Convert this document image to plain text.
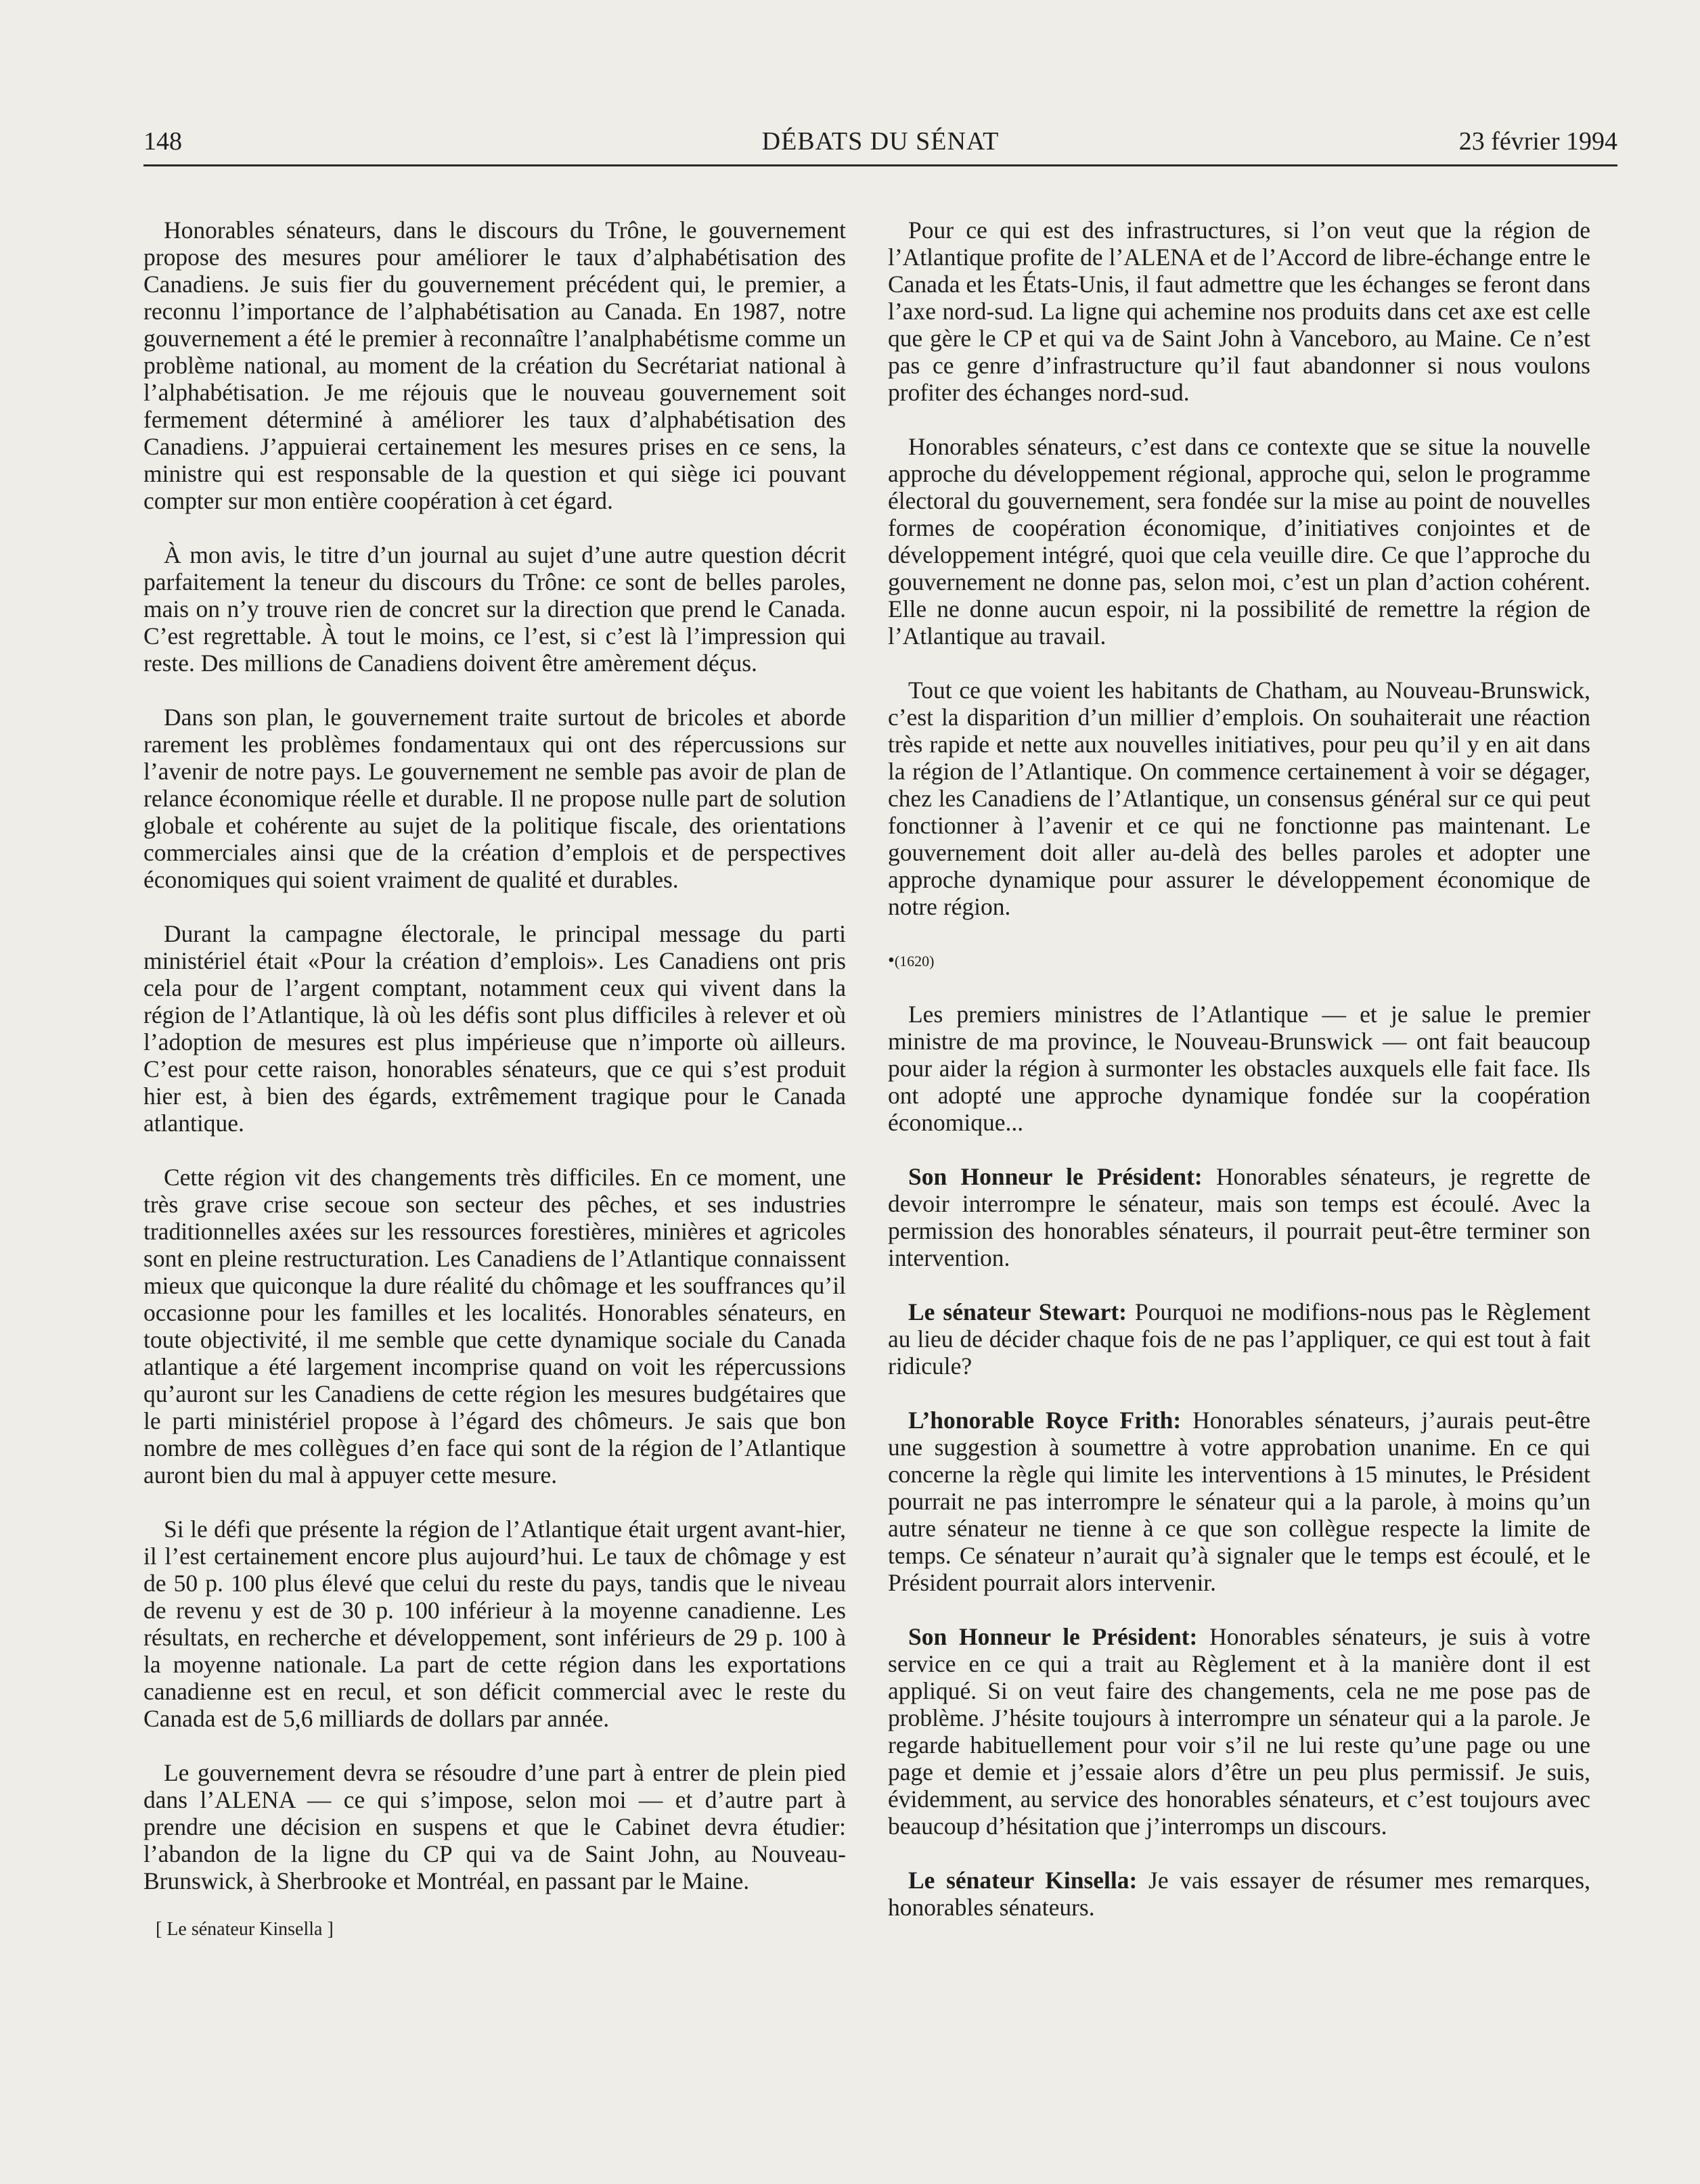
148	DÉBATS DU SÉNAT	23 février 1994

Honorables sénateurs, dans le discours du Trône, le gouvernement propose des mesures pour améliorer le taux d’alphabétisation des Canadiens. Je suis fier du gouvernement précédent qui, le premier, a reconnu l’importance de l’alphabétisation au Canada. En 1987, notre gouvernement a été le premier à reconnaître l’analphabétisme comme un problème national, au moment de la création du Secrétariat national à l’alphabétisation. Je me réjouis que le nouveau gouvernement soit fermement déterminé à améliorer les taux d’alphabétisation des Canadiens. J’appuierai certainement les mesures prises en ce sens, la ministre qui est responsable de la question et qui siège ici pouvant compter sur mon entière coopération à cet égard.

À mon avis, le titre d’un journal au sujet d’une autre question décrit parfaitement la teneur du discours du Trône: ce sont de belles paroles, mais on n’y trouve rien de concret sur la direction que prend le Canada. C’est regrettable. À tout le moins, ce l’est, si c’est là l’impression qui reste. Des millions de Canadiens doivent être amèrement déçus.

Dans son plan, le gouvernement traite surtout de bricoles et aborde rarement les problèmes fondamentaux qui ont des répercussions sur l’avenir de notre pays. Le gouvernement ne semble pas avoir de plan de relance économique réelle et durable. Il ne propose nulle part de solution globale et cohérente au sujet de la politique fiscale, des orientations commerciales ainsi que de la création d’emplois et de perspectives économiques qui soient vraiment de qualité et durables.

Durant la campagne électorale, le principal message du parti ministériel était «Pour la création d’emplois». Les Canadiens ont pris cela pour de l’argent comptant, notamment ceux qui vivent dans la région de l’Atlantique, là où les défis sont plus difficiles à relever et où l’adoption de mesures est plus impérieuse que n’importe où ailleurs. C’est pour cette raison, honorables sénateurs, que ce qui s’est produit hier est, à bien des égards, extrêmement tragique pour le Canada atlantique.

Cette région vit des changements très difficiles. En ce moment, une très grave crise secoue son secteur des pêches, et ses industries traditionnelles axées sur les ressources forestières, minières et agricoles sont en pleine restructuration. Les Canadiens de l’Atlantique connaissent mieux que quiconque la dure réalité du chômage et les souffrances qu’il occasionne pour les familles et les localités. Honorables sénateurs, en toute objectivité, il me semble que cette dynamique sociale du Canada atlantique a été largement incomprise quand on voit les répercussions qu’auront sur les Canadiens de cette région les mesures budgétaires que le parti ministériel propose à l’égard des chômeurs. Je sais que bon nombre de mes collègues d’en face qui sont de la région de l’Atlantique auront bien du mal à appuyer cette mesure.

Si le défi que présente la région de l’Atlantique était urgent avant-hier, il l’est certainement encore plus aujourd’hui. Le taux de chômage y est de 50 p. 100 plus élevé que celui du reste du pays, tandis que le niveau de revenu y est de 30 p. 100 inférieur à la moyenne canadienne. Les résultats, en recherche et développement, sont inférieurs de 29 p. 100 à la moyenne nationale. La part de cette région dans les exportations canadienne est en recul, et son déficit commercial avec le reste du Canada est de 5,6 milliards de dollars par année.

Le gouvernement devra se résoudre d’une part à entrer de plein pied dans l’ALENA — ce qui s’impose, selon moi — et d’autre part à prendre une décision en suspens et que le Cabinet devra étudier: l’abandon de la ligne du CP qui va de Saint John, au Nouveau-Brunswick, à Sherbrooke et Montréal, en passant par le Maine.

[ Le sénateur Kinsella ]

Pour ce qui est des infrastructures, si l’on veut que la région de l’Atlantique profite de l’ALENA et de l’Accord de libre-échange entre le Canada et les États-Unis, il faut admettre que les échanges se feront dans l’axe nord-sud. La ligne qui achemine nos produits dans cet axe est celle que gère le CP et qui va de Saint John à Vanceboro, au Maine. Ce n’est pas ce genre d’infrastructure qu’il faut abandonner si nous voulons profiter des échanges nord-sud.

Honorables sénateurs, c’est dans ce contexte que se situe la nouvelle approche du développement régional, approche qui, selon le programme électoral du gouvernement, sera fondée sur la mise au point de nouvelles formes de coopération économique, d’initiatives conjointes et de développement intégré, quoi que cela veuille dire. Ce que l’approche du gouvernement ne donne pas, selon moi, c’est un plan d’action cohérent. Elle ne donne aucun espoir, ni la possibilité de remettre la région de l’Atlantique au travail.

Tout ce que voient les habitants de Chatham, au Nouveau-Brunswick, c’est la disparition d’un millier d’emplois. On souhaiterait une réaction très rapide et nette aux nouvelles initiatives, pour peu qu’il y en ait dans la région de l’Atlantique. On commence certainement à voir se dégager, chez les Canadiens de l’Atlantique, un consensus général sur ce qui peut fonctionner à l’avenir et ce qui ne fonctionne pas maintenant. Le gouvernement doit aller au-delà des belles paroles et adopter une approche dynamique pour assurer le développement économique de notre région.

•(1620)

Les premiers ministres de l’Atlantique — et je salue le premier ministre de ma province, le Nouveau-Brunswick — ont fait beaucoup pour aider la région à surmonter les obstacles auxquels elle fait face. Ils ont adopté une approche dynamique fondée sur la coopération économique...

Son Honneur le Président: Honorables sénateurs, je regrette de devoir interrompre le sénateur, mais son temps est écoulé. Avec la permission des honorables sénateurs, il pourrait peut-être terminer son intervention.

Le sénateur Stewart: Pourquoi ne modifions-nous pas le Règlement au lieu de décider chaque fois de ne pas l’appliquer, ce qui est tout à fait ridicule?

L’honorable Royce Frith: Honorables sénateurs, j’aurais peut-être une suggestion à soumettre à votre approbation unanime. En ce qui concerne la règle qui limite les interventions à 15 minutes, le Président pourrait ne pas interrompre le sénateur qui a la parole, à moins qu’un autre sénateur ne tienne à ce que son collègue respecte la limite de temps. Ce sénateur n’aurait qu’à signaler que le temps est écoulé, et le Président pourrait alors intervenir.

Son Honneur le Président: Honorables sénateurs, je suis à votre service en ce qui a trait au Règlement et à la manière dont il est appliqué. Si on veut faire des changements, cela ne me pose pas de problème. J’hésite toujours à interrompre un sénateur qui a la parole. Je regarde habituellement pour voir s’il ne lui reste qu’une page ou une page et demie et j’essaie alors d’être un peu plus permissif. Je suis, évidemment, au service des honorables sénateurs, et c’est toujours avec beaucoup d’hésitation que j’interromps un discours.

Le sénateur Kinsella: Je vais essayer de résumer mes remarques, honorables sénateurs.
